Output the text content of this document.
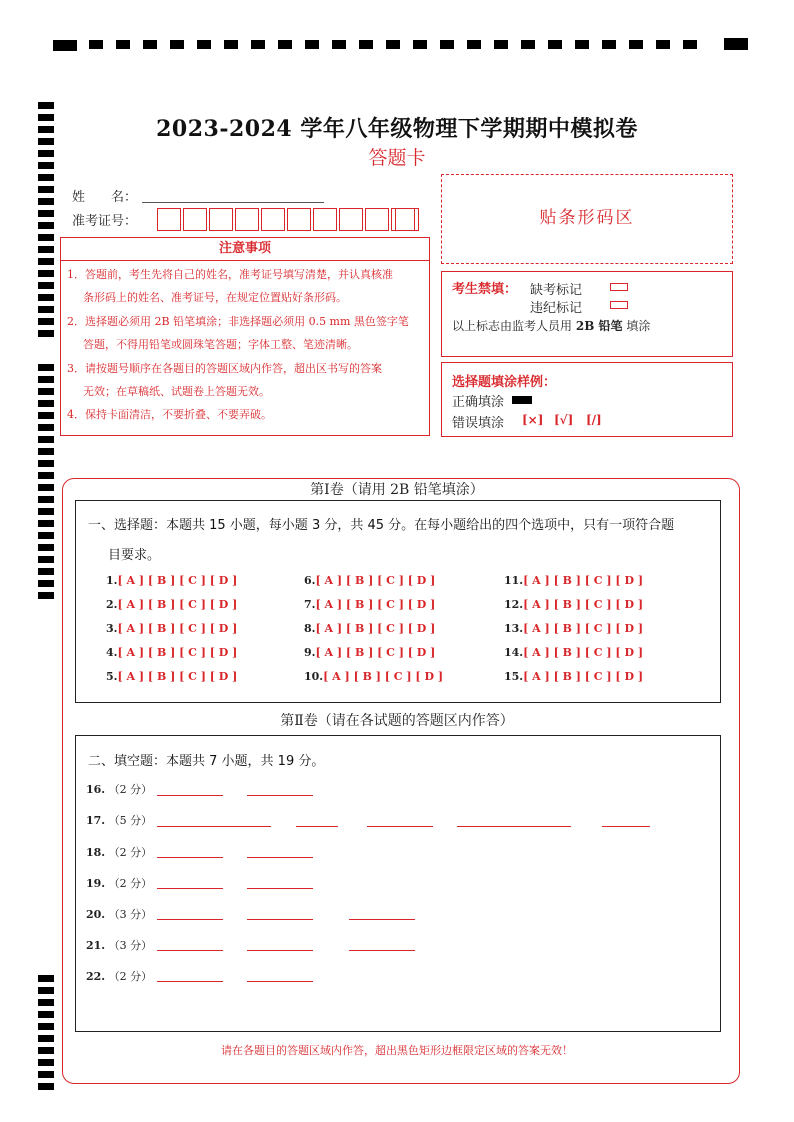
2023-2024 学年八年级物理下学期期中模拟卷
答题卡
姓　　名：
准考证号：
注意事项
1．答题前，考生先将自己的姓名，准考证号填写清楚，并认真核准
条形码上的姓名、准考证号，在规定位置贴好条形码。
2．选择题必须用 2B 铅笔填涂；非选择题必须用 0.5 mm 黑色签字笔
答题，不得用铅笔或圆珠笔答题；字体工整、笔迹清晰。
3．请按题号顺序在各题目的答题区域内作答，超出区书写的答案
无效；在草稿纸、试题卷上答题无效。
4．保持卡面清洁，不要折叠、不要弄破。
贴条形码区
考生禁填： 缺考标记
违纪标记
以上标志由监考人员用 2B 铅笔 填涂
选择题填涂样例：
正确填涂
错误填涂 [×] [√] [/]
第Ⅰ卷（请用 2B 铅笔填涂）
一、选择题：本题共 15 小题，每小题 3 分，共 45 分。在每小题给出的四个选项中，只有一项符合题
目要求。
1.[ A ] [ B ] [ C ] [ D ]
2.[ A ] [ B ] [ C ] [ D ]
3.[ A ] [ B ] [ C ] [ D ]
4.[ A ] [ B ] [ C ] [ D ]
5.[ A ] [ B ] [ C ] [ D ]
6.[ A ] [ B ] [ C ] [ D ]
7.[ A ] [ B ] [ C ] [ D ]
8.[ A ] [ B ] [ C ] [ D ]
9.[ A ] [ B ] [ C ] [ D ]
10.[ A ] [ B ] [ C ] [ D ]
11.[ A ] [ B ] [ C ] [ D ]
12.[ A ] [ B ] [ C ] [ D ]
13.[ A ] [ B ] [ C ] [ D ]
14.[ A ] [ B ] [ C ] [ D ]
15.[ A ] [ B ] [ C ] [ D ]
第Ⅱ卷（请在各试题的答题区内作答）
二、填空题：本题共 7 小题，共 19 分。
16. （2 分）
17. （5 分）
18. （2 分）
19. （2 分）
20. （3 分）
21. （3 分）
22. （2 分）
请在各题目的答题区域内作答，超出黑色矩形边框限定区域的答案无效！
